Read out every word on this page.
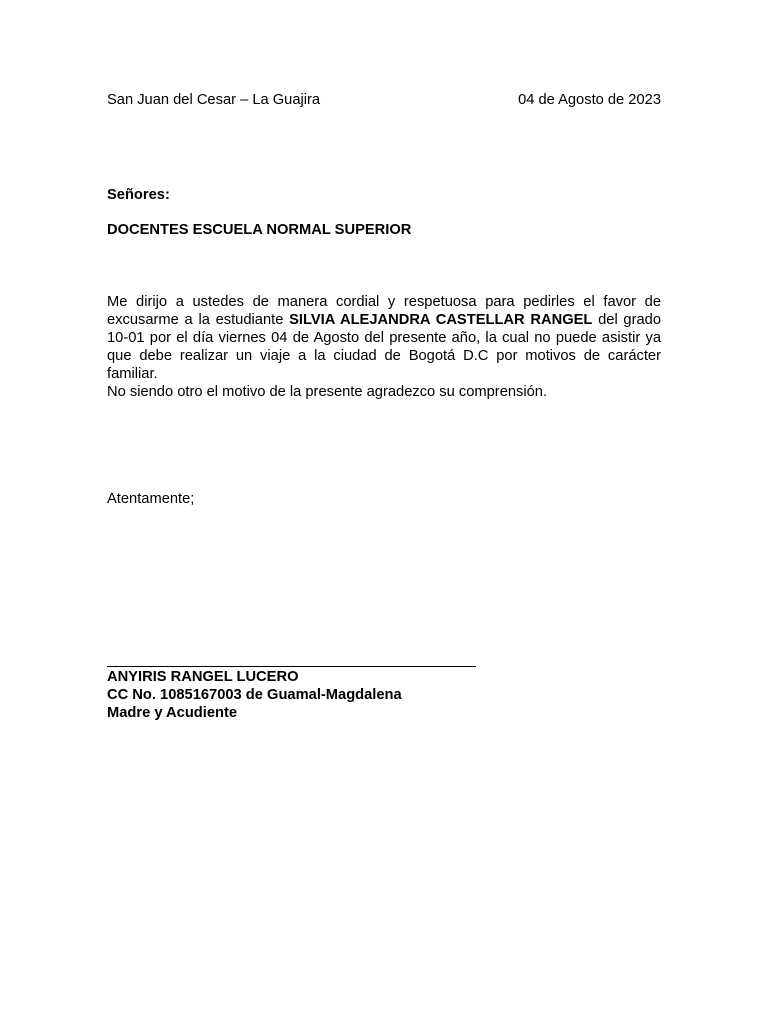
San Juan del Cesar – La Guajira	04 de Agosto de 2023
Señores:
DOCENTES ESCUELA NORMAL SUPERIOR

Me dirijo a ustedes de manera cordial y respetuosa para pedirles el favor de excusarme a la estudiante SILVIA ALEJANDRA CASTELLAR RANGEL del grado 10-01 por el día viernes 04 de Agosto del presente año, la cual no puede asistir ya que debe realizar un viaje a la ciudad de Bogotá D.C por motivos de carácter familiar.

No siendo otro el motivo de la presente agradezco su comprensión.

Atentamente;
ANYIRIS RANGEL LUCERO
CC No. 1085167003 de Guamal-Magdalena
Madre y Acudiente
